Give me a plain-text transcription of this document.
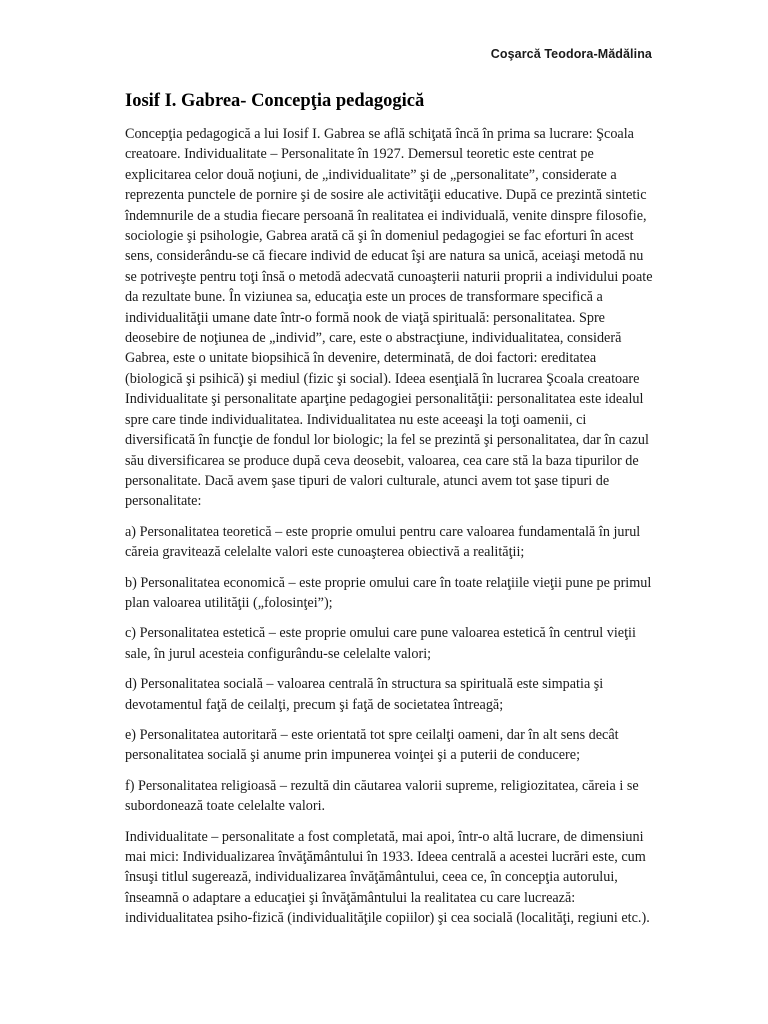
Coşarcă Teodora-Mădălina
Iosif I. Gabrea- Concepţia pedagogică

Concepţia pedagogică a lui Iosif I. Gabrea se află schiţată încă în prima sa lucrare: Şcoala creatoare. Individualitate – Personalitate în 1927. Demersul teoretic este centrat pe explicitarea celor două noţiuni, de „individualitate” şi de „personalitate”, considerate a reprezenta punctele de pornire şi de sosire ale activităţii educative. După ce prezintă sintetic îndemnurile de a studia fiecare persoană în realitatea ei individuală, venite dinspre filosofie, sociologie şi psihologie, Gabrea arată că şi în domeniul pedagogiei se fac eforturi în acest sens, considerându-se că fiecare individ de educat îşi are natura sa unică, aceiaşi metodă nu se potriveşte pentru toţi însă o metodă adecvată cunoaşterii naturii proprii a individului poate da rezultate bune. În viziunea sa, educaţia este un proces de transformare specifică a individualităţii umane date într-o formă nook de viaţă spirituală: personalitatea. Spre deosebire de noţiunea de „individ”, care, este o abstracţiune, individualitatea, consideră Gabrea, este o unitate biopsihică în devenire, determinată, de doi factori: ereditatea (biologică şi psihică) şi mediul (fizic şi social). Ideea esenţială în lucrarea Şcoala creatoare Individualitate şi personalitate aparţine pedagogiei personalităţii: personalitatea este idealul spre care tinde individualitatea. Individualitatea nu este aceeaşi la toţi oamenii, ci diversificată în funcţie de fondul lor biologic; la fel se prezintă şi personalitatea, dar în cazul său diversificarea se produce după ceva deosebit, valoarea, cea care stă la baza tipurilor de personalitate. Dacă avem şase tipuri de valori culturale, atunci avem tot şase tipuri de personalitate:

a) Personalitatea teoretică – este proprie omului pentru care valoarea fundamentală în jurul căreia gravitează celelalte valori este cunoaşterea obiectivă a realităţii;

b) Personalitatea economică – este proprie omului care în toate relaţiile vieţii pune pe primul plan valoarea utilităţii („folosinţei”);

c) Personalitatea estetică – este proprie omului care pune valoarea estetică în centrul vieţii sale, în jurul acesteia configurându-se celelalte valori;

d) Personalitatea socială – valoarea centrală în structura sa spirituală este simpatia şi devotamentul faţă de ceilalţi, precum şi faţă de societatea întreagă;

e) Personalitatea autoritară – este orientată tot spre ceilalţi oameni, dar în alt sens decât personalitatea socială şi anume prin impunerea voinţei şi a puterii de conducere;

f) Personalitatea religioasă – rezultă din căutarea valorii supreme, religiozitatea, căreia i se subordonează toate celelalte valori.

Individualitate – personalitate a fost completată, mai apoi, într-o altă lucrare, de dimensiuni mai mici: Individualizarea învăţământului în 1933. Ideea centrală a acestei lucrări este, cum însuşi titlul sugerează, individualizarea învăţământului, ceea ce, în concepţia autorului, înseamnă o adaptare a educaţiei şi învăţământului la realitatea cu care lucrează: individualitatea psiho-fizică (individualităţile copiilor) şi cea socială (localităţi, regiuni etc.).
